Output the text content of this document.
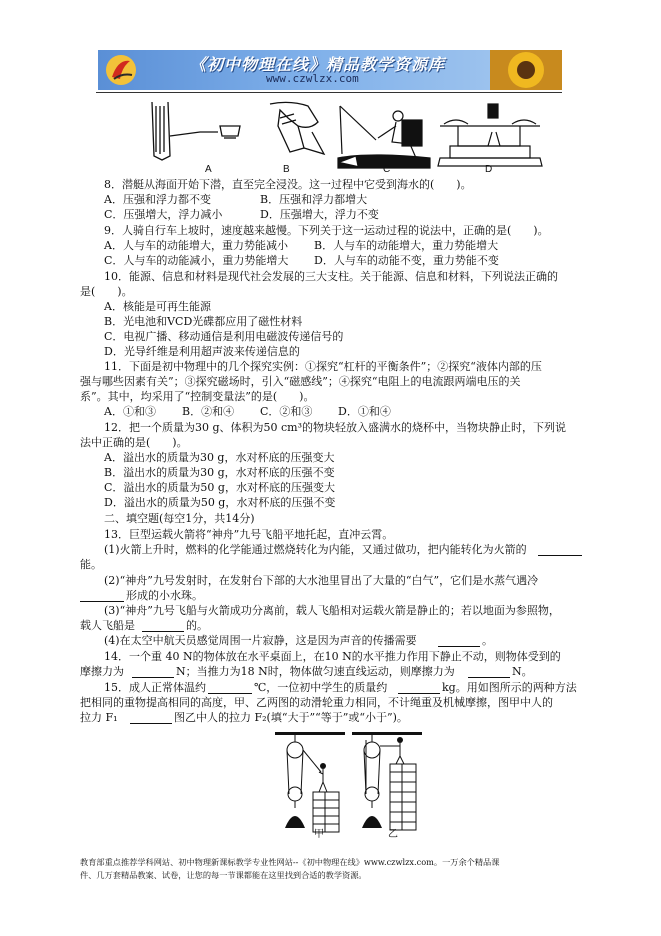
《初中物理在线》精品教学资源库
www.czwlzx.com
A	B	C	D
8．潜艇从海面开始下潜，直至完全浸没。这一过程中它受到海水的(　　)。
A．压强和浮力都不变	B．压强和浮力都增大
C．压强增大，浮力减小	D．压强增大，浮力不变
9．人骑自行车上坡时，速度越来越慢。下列关于这一运动过程的说法中，正确的是(　　)。
A．人与车的动能增大，重力势能减小 B．人与车的动能增大，重力势能增大
C．人与车的动能减小，重力势能增大 D．人与车的动能不变，重力势能不变
10．能源、信息和材料是现代社会发展的三大支柱。关于能源、信息和材料，下列说法正确的
是(　　)。
A．核能是可再生能源
B．光电池和VCD光碟都应用了磁性材料
C．电视广播、移动通信是利用电磁波传递信号的
D．光导纤维是利用超声波来传递信息的
11．下面是初中物理中的几个探究实例：①探究“杠杆的平衡条件”；②探究“液体内部的压
强与哪些因素有关”；③探究磁场时，引入“磁感线”；④探究“电阻上的电流跟两端电压的关
系”。其中，均采用了“控制变量法”的是(　　)。
A．①和③ B．②和④ C．②和③ D．①和④
12．把一个质量为30 g、体积为50 cm³的物块轻放入盛满水的烧杯中，当物块静止时，下列说
法中正确的是(　　)。
A．溢出水的质量为30 g，水对杯底的压强变大
B．溢出水的质量为30 g，水对杯底的压强不变
C．溢出水的质量为50 g，水对杯底的压强变大
D．溢出水的质量为50 g，水对杯底的压强不变
二、填空题(每空1分，共14分)
13．巨型运载火箭将“神舟”九号飞船平地托起，直冲云霄。
(1)火箭上升时，燃料的化学能通过燃烧转化为内能，又通过做功，把内能转化为火箭的
能。
(2)“神舟”九号发射时，在发射台下部的大水池里冒出了大量的“白气”，它们是水蒸气遇冷
形成的小水珠。
(3)“神舟”九号飞船与火箭成功分离前，载人飞船相对运载火箭是静止的；若以地面为参照物，
载人飞船是	的。
(4)在太空中航天员感觉周围一片寂静，这是因为声音的传播需要	。
14．一个重 40 N的物体放在水平桌面上，在10 N的水平推力作用下静止不动，则物体受到的
摩擦力为	N；当推力为18 N时，物体做匀速直线运动，则摩擦力为	N。
15．成人正常体温约	℃，一位初中学生的质量约	kg。用如图所示的两种方法
把相同的重物提高相同的高度，甲、乙两图的动滑轮重力相同，不计绳重及机械摩擦，图甲中人的
拉力 F₁	图乙中人的拉力 F₂(填“大于”“等于”或“小于”)。
甲	乙
教育部重点推荐学科网站、初中物理新课标教学专业性网站--《初中物理在线》www.czwlzx.com。一万余个精品课
件、几万套精品教案、试卷，让您的每一节课都能在这里找到合适的教学资源。
